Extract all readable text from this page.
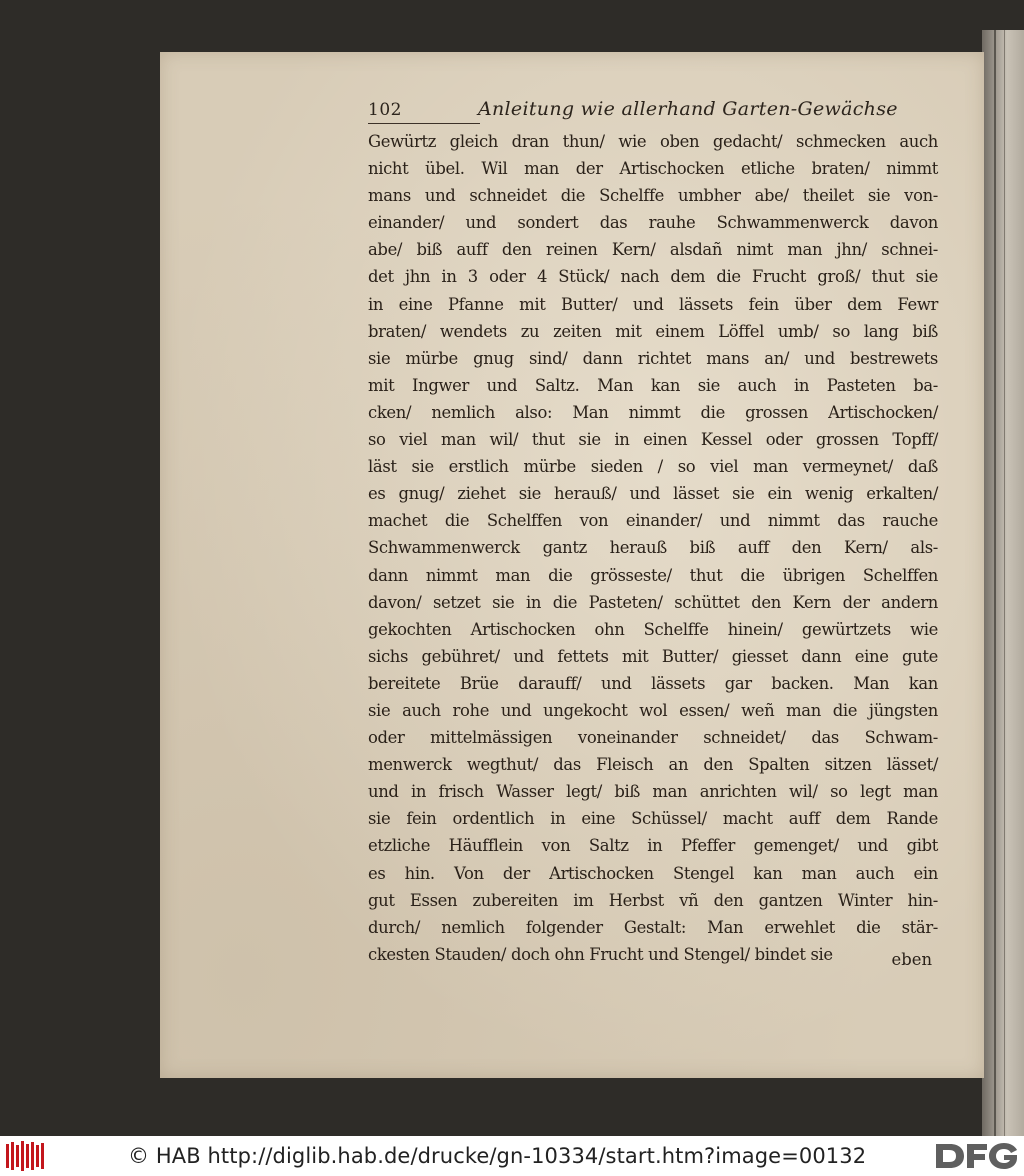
102	Anleitung wie allerhand Garten-Gewächse
Gewürtz gleich dran thun/ wie oben gedacht/ schmecken auch
nicht übel. Wil man der Artischocken etliche braten/ nimmt
mans und schneidet die Schelffe umbher abe/ theilet sie von-
einander/ und sondert das rauhe Schwammenwerck davon
abe/ biß auff den reinen Kern/ alsdañ nimt man jhn/ schnei-
det jhn in 3 oder 4 Stück/ nach dem die Frucht groß/ thut sie
in eine Pfanne mit Butter/ und lässets fein über dem Fewr
braten/ wendets zu zeiten mit einem Löffel umb/ so lang biß
sie mürbe gnug sind/ dann richtet mans an/ und bestrewets
mit Ingwer und Saltz. Man kan sie auch in Pasteten ba-
cken/ nemlich also: Man nimmt die grossen Artischocken/
so viel man wil/ thut sie in einen Kessel oder grossen Topff/
läst sie erstlich mürbe sieden / so viel man vermeynet/ daß
es gnug/ ziehet sie herauß/ und lässet sie ein wenig erkalten/
machet die Schelffen von einander/ und nimmt das rauche
Schwammenwerck gantz herauß biß auff den Kern/ als-
dann nimmt man die grösseste/ thut die übrigen Schelffen
davon/ setzet sie in die Pasteten/ schüttet den Kern der andern
gekochten Artischocken ohn Schelffe hinein/ gewürtzets wie
sichs gebühret/ und fettets mit Butter/ giesset dann eine gute
bereitete Brüe darauff/ und lässets gar backen. Man kan
sie auch rohe und ungekocht wol essen/ weñ man die jüngsten
oder mittelmässigen voneinander schneidet/ das Schwam-
menwerck wegthut/ das Fleisch an den Spalten sitzen lässet/
und in frisch Wasser legt/ biß man anrichten wil/ so legt man
sie fein ordentlich in eine Schüssel/ macht auff dem Rande
etzliche Häufflein von Saltz in Pfeffer gemenget/ und gibt
es hin. Von der Artischocken Stengel kan man auch ein
gut Essen zubereiten im Herbst vñ den gantzen Winter hin-
durch/ nemlich folgender Gestalt: Man erwehlet die stär-
ckesten Stauden/ doch ohn Frucht und Stengel/ bindet sie	eben
© HAB http://diglib.hab.de/drucke/gn-10334/start.htm?image=00132
